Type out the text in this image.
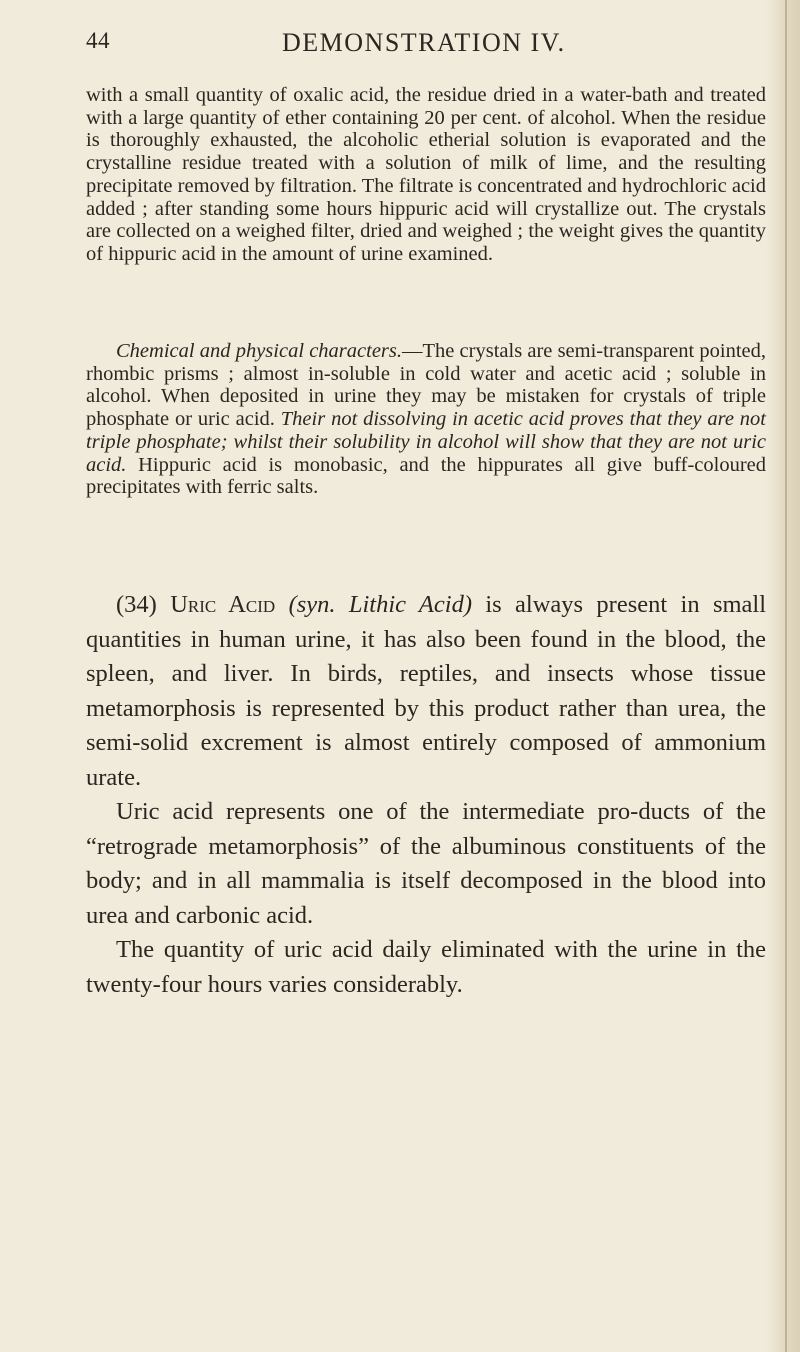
44	DEMONSTRATION IV.

with a small quantity of oxalic acid, the residue dried in a water-bath and treated with a large quantity of ether containing 20 per cent. of alcohol. When the residue is thoroughly exhausted, the alcoholic etherial solution is evaporated and the crystalline residue treated with a solution of milk of lime, and the resulting precipitate removed by filtration. The filtrate is concentrated and hydrochloric acid added ; after standing some hours hippuric acid will crystallize out. The crystals are collected on a weighed filter, dried and weighed ; the weight gives the quantity of hippuric acid in the amount of urine examined.

Chemical and physical characters.—The crystals are semi-transparent pointed, rhombic prisms ; almost in-soluble in cold water and acetic acid ; soluble in alcohol. When deposited in urine they may be mistaken for crystals of triple phosphate or uric acid. Their not dissolving in acetic acid proves that they are not triple phosphate; whilst their solubility in alcohol will show that they are not uric acid. Hippuric acid is monobasic, and the hippurates all give buff-coloured precipitates with ferric salts.

(34) Uric Acid (syn. Lithic Acid) is always present in small quantities in human urine, it has also been found in the blood, the spleen, and liver. In birds, reptiles, and insects whose tissue metamorphosis is represented by this product rather than urea, the semi-solid excrement is almost entirely composed of ammonium urate.

Uric acid represents one of the intermediate pro-ducts of the “retrograde metamorphosis” of the albuminous constituents of the body; and in all mammalia is itself decomposed in the blood into urea and carbonic acid.

The quantity of uric acid daily eliminated with the urine in the twenty-four hours varies considerably.
